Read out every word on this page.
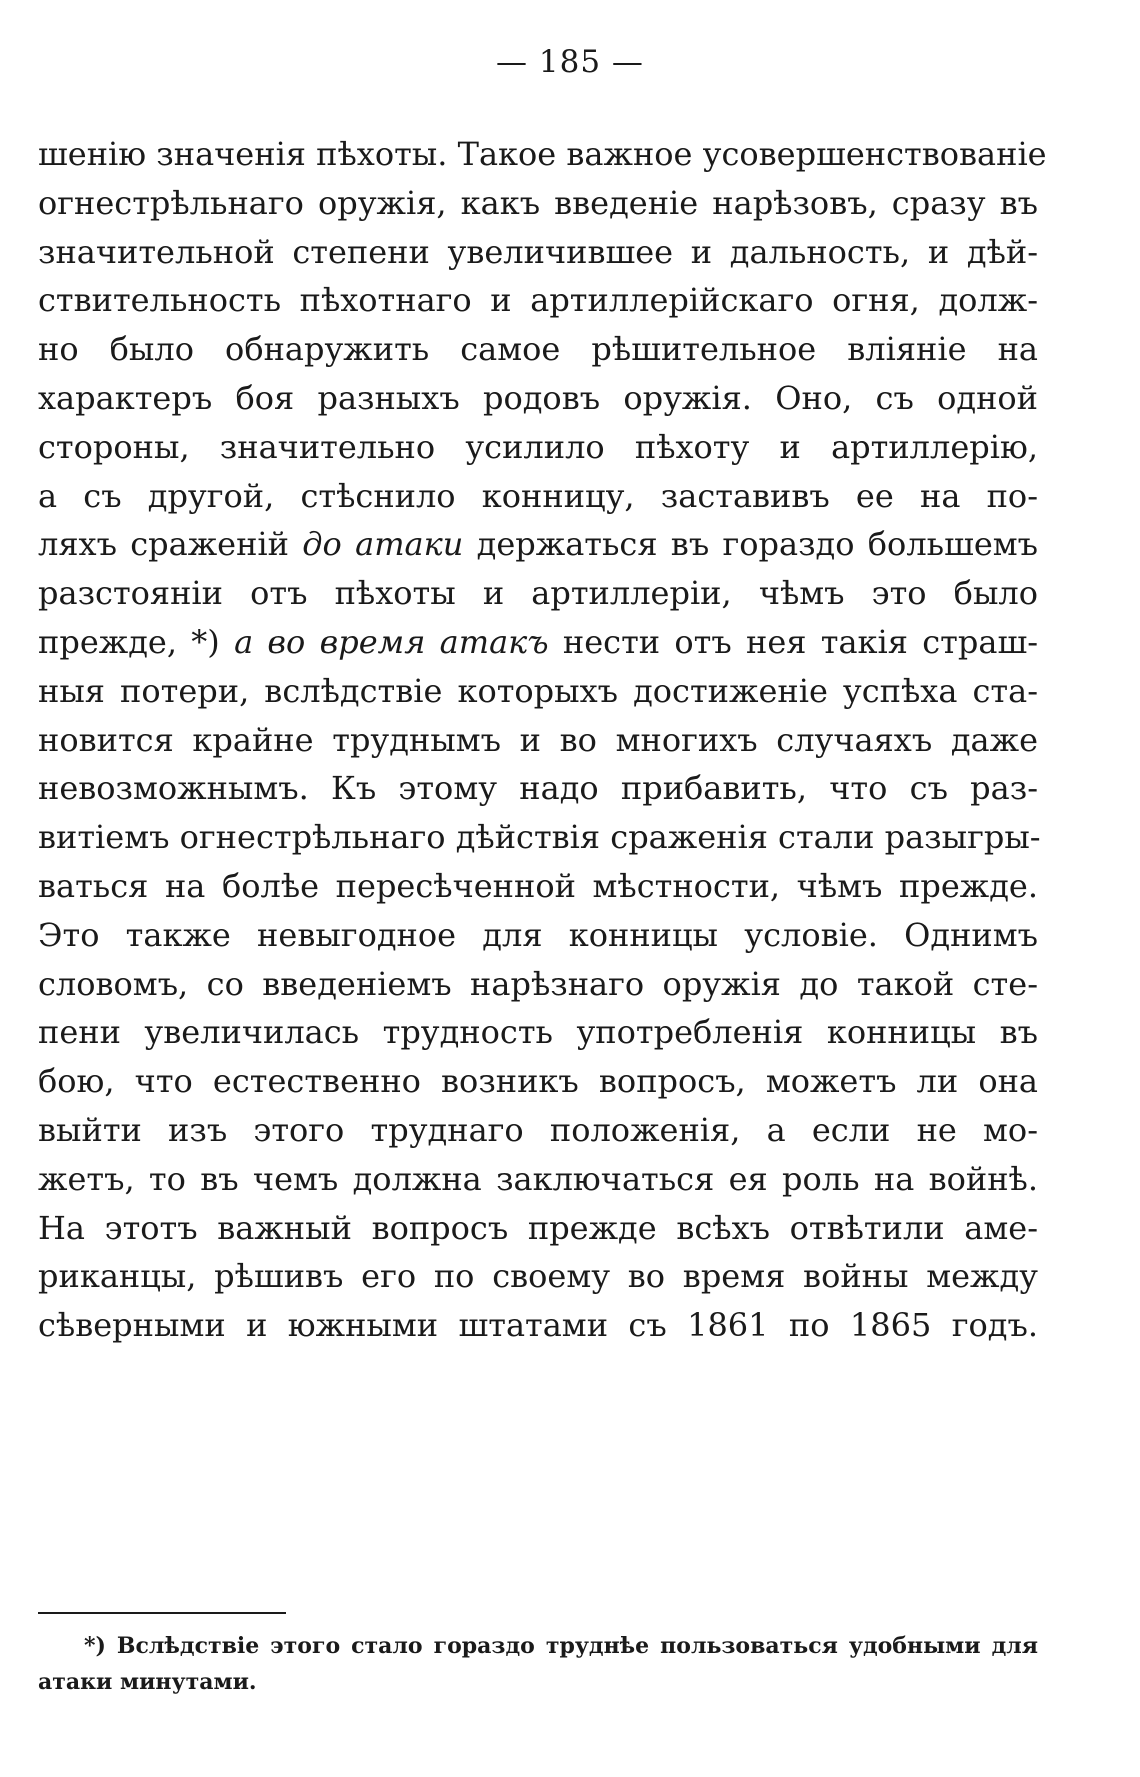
— 185 —
шенію значенія пѣхоты. Такое важное усовершенствованіе
огнестрѣльнаго оружія, какъ введеніе нарѣзовъ, сразу въ
значительной степени увеличившее и дальность, и дѣй-
ствительность пѣхотнаго и артиллерійскаго огня, долж-
но было обнаружить самое рѣшительное вліяніе на
характеръ боя разныхъ родовъ оружія. Оно, съ одной
стороны, значительно усилило пѣхоту и артиллерію,
а съ другой, стѣснило конницу, заставивъ ее на по-
ляхъ сраженій до атаки держаться въ гораздо большемъ
разстояніи отъ пѣхоты и артиллеріи, чѣмъ это было
прежде, *) а во время атакъ нести отъ нея такія страш-
ныя потери, вслѣдствіе которыхъ достиженіе успѣха ста-
новится крайне труднымъ и во многихъ случаяхъ даже
невозможнымъ. Къ этому надо прибавить, что съ раз-
витіемъ огнестрѣльнаго дѣйствія сраженія стали разыгры-
ваться на болѣе пересѣченной мѣстности, чѣмъ прежде.
Это также невыгодное для конницы условіе. Однимъ
словомъ, со введеніемъ нарѣзнаго оружія до такой сте-
пени увеличилась трудность употребленія конницы въ
бою, что естественно возникъ вопросъ, можетъ ли она
выйти изъ этого труднаго положенія, а если не мо-
жетъ, то въ чемъ должна заключаться ея роль на войнѣ.
На этотъ важный вопросъ прежде всѣхъ отвѣтили аме-
риканцы, рѣшивъ его по своему во время войны между
сѣверными и южными штатами съ 1861 по 1865 годъ.
*) Вслѣдствіе этого стало гораздо труднѣе пользоваться удобными для
атаки минутами.
